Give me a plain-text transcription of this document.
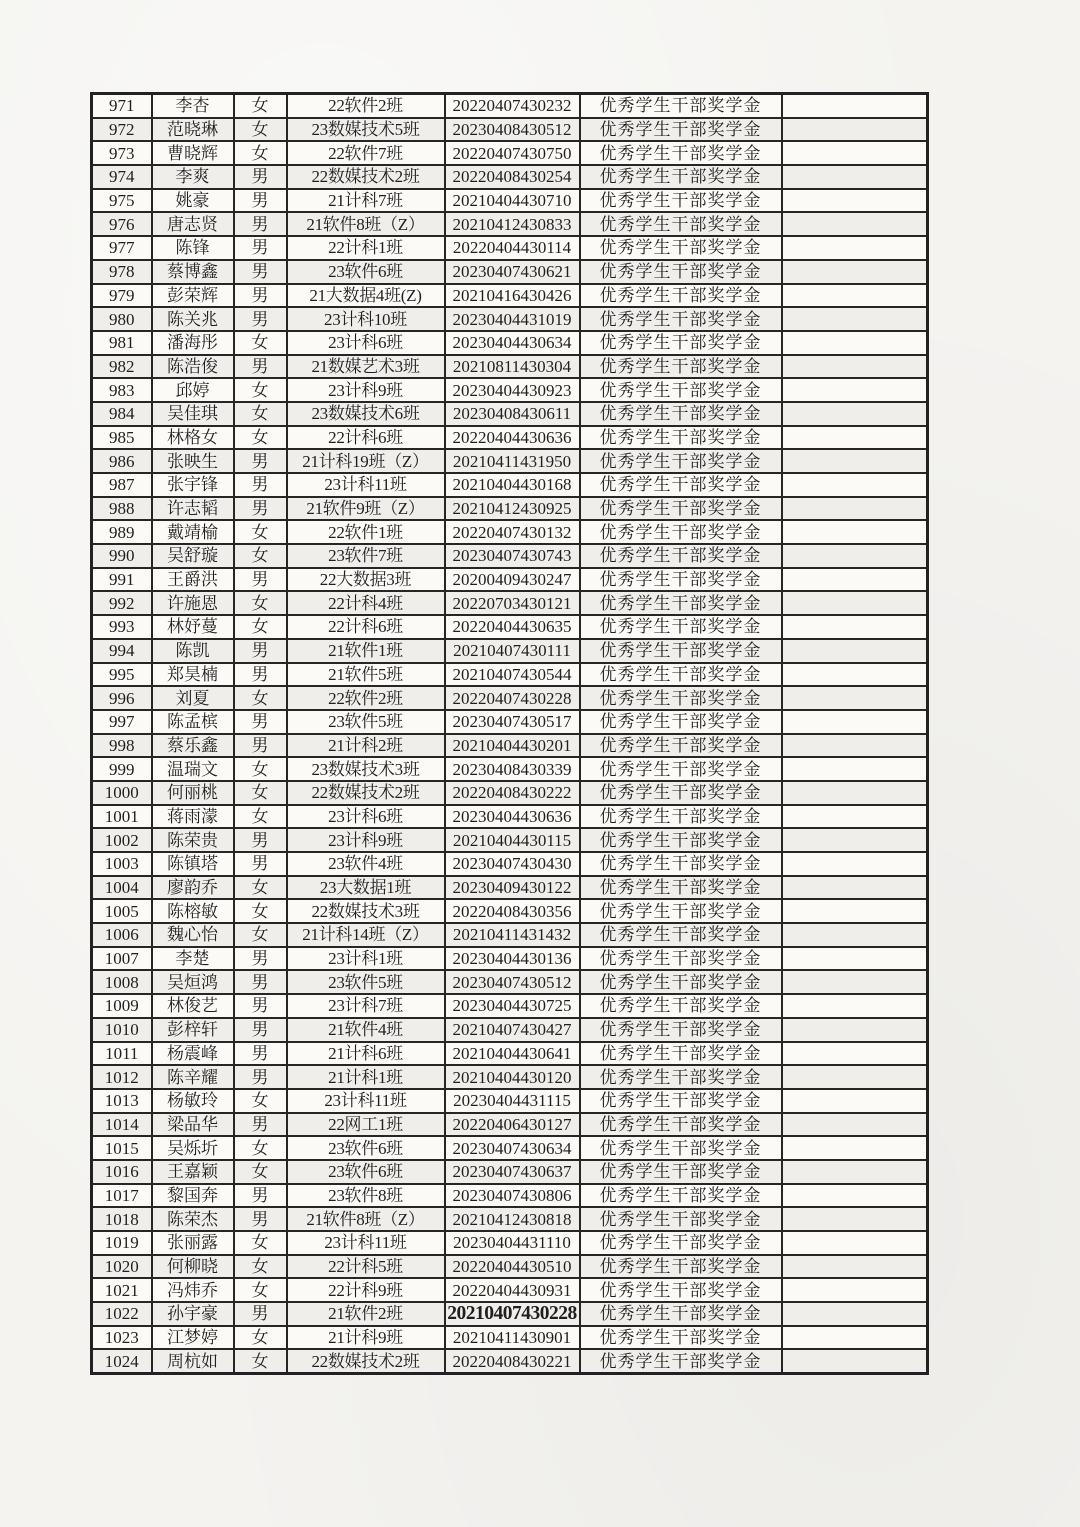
971	李杏	女	22软件2班	20220407430232	优秀学生干部奖学金	
972	范晓琳	女	23数媒技术5班	20230408430512	优秀学生干部奖学金	
973	曹晓辉	女	22软件7班	20220407430750	优秀学生干部奖学金	
974	李爽	男	22数媒技术2班	20220408430254	优秀学生干部奖学金	
975	姚豪	男	21计科7班	20210404430710	优秀学生干部奖学金	
976	唐志贤	男	21软件8班（Z）	20210412430833	优秀学生干部奖学金	
977	陈锋	男	22计科1班	20220404430114	优秀学生干部奖学金	
978	蔡博鑫	男	23软件6班	20230407430621	优秀学生干部奖学金	
979	彭荣辉	男	21大数据4班(Z)	20210416430426	优秀学生干部奖学金	
980	陈关兆	男	23计科10班	20230404431019	优秀学生干部奖学金	
981	潘海彤	女	23计科6班	20230404430634	优秀学生干部奖学金	
982	陈浩俊	男	21数媒艺术3班	20210811430304	优秀学生干部奖学金	
983	邱婷	女	23计科9班	20230404430923	优秀学生干部奖学金	
984	吴佳琪	女	23数媒技术6班	20230408430611	优秀学生干部奖学金	
985	林格女	女	22计科6班	20220404430636	优秀学生干部奖学金	
986	张映生	男	21计科19班（Z）	20210411431950	优秀学生干部奖学金	
987	张宇锋	男	23计科11班	20210404430168	优秀学生干部奖学金	
988	许志韬	男	21软件9班（Z）	20210412430925	优秀学生干部奖学金	
989	戴靖榆	女	22软件1班	20220407430132	优秀学生干部奖学金	
990	吴舒璇	女	23软件7班	20230407430743	优秀学生干部奖学金	
991	王爵洪	男	22大数据3班	20200409430247	优秀学生干部奖学金	
992	许施恩	女	22计科4班	20220703430121	优秀学生干部奖学金	
993	林妤蔓	女	22计科6班	20220404430635	优秀学生干部奖学金	
994	陈凯	男	21软件1班	20210407430111	优秀学生干部奖学金	
995	郑昊楠	男	21软件5班	20210407430544	优秀学生干部奖学金	
996	刘夏	女	22软件2班	20220407430228	优秀学生干部奖学金	
997	陈孟槟	男	23软件5班	20230407430517	优秀学生干部奖学金	
998	蔡乐鑫	男	21计科2班	20210404430201	优秀学生干部奖学金	
999	温瑞文	女	23数媒技术3班	20230408430339	优秀学生干部奖学金	
1000	何丽桃	女	22数媒技术2班	20220408430222	优秀学生干部奖学金	
1001	蒋雨濛	女	23计科6班	20230404430636	优秀学生干部奖学金	
1002	陈荣贵	男	23计科9班	20210404430115	优秀学生干部奖学金	
1003	陈镇塔	男	23软件4班	20230407430430	优秀学生干部奖学金	
1004	廖韵乔	女	23大数据1班	20230409430122	优秀学生干部奖学金	
1005	陈榕敏	女	22数媒技术3班	20220408430356	优秀学生干部奖学金	
1006	魏心怡	女	21计科14班（Z）	20210411431432	优秀学生干部奖学金	
1007	李楚	男	23计科1班	20230404430136	优秀学生干部奖学金	
1008	吴烜鸿	男	23软件5班	20230407430512	优秀学生干部奖学金	
1009	林俊艺	男	23计科7班	20230404430725	优秀学生干部奖学金	
1010	彭梓轩	男	21软件4班	20210407430427	优秀学生干部奖学金	
1011	杨震峰	男	21计科6班	20210404430641	优秀学生干部奖学金	
1012	陈辛耀	男	21计科1班	20210404430120	优秀学生干部奖学金	
1013	杨敏玲	女	23计科11班	20230404431115	优秀学生干部奖学金	
1014	梁品华	男	22网工1班	20220406430127	优秀学生干部奖学金	
1015	吴烁圻	女	23软件6班	20230407430634	优秀学生干部奖学金	
1016	王嘉颖	女	23软件6班	20230407430637	优秀学生干部奖学金	
1017	黎国奔	男	23软件8班	20230407430806	优秀学生干部奖学金	
1018	陈荣杰	男	21软件8班（Z）	20210412430818	优秀学生干部奖学金	
1019	张丽露	女	23计科11班	20230404431110	优秀学生干部奖学金	
1020	何柳晓	女	22计科5班	20220404430510	优秀学生干部奖学金	
1021	冯炜乔	女	22计科9班	20220404430931	优秀学生干部奖学金	
1022	孙宇豪	男	21软件2班	20210407430228	优秀学生干部奖学金	
1023	江梦婷	女	21计科9班	20210411430901	优秀学生干部奖学金	
1024	周杭如	女	22数媒技术2班	20220408430221	优秀学生干部奖学金	
